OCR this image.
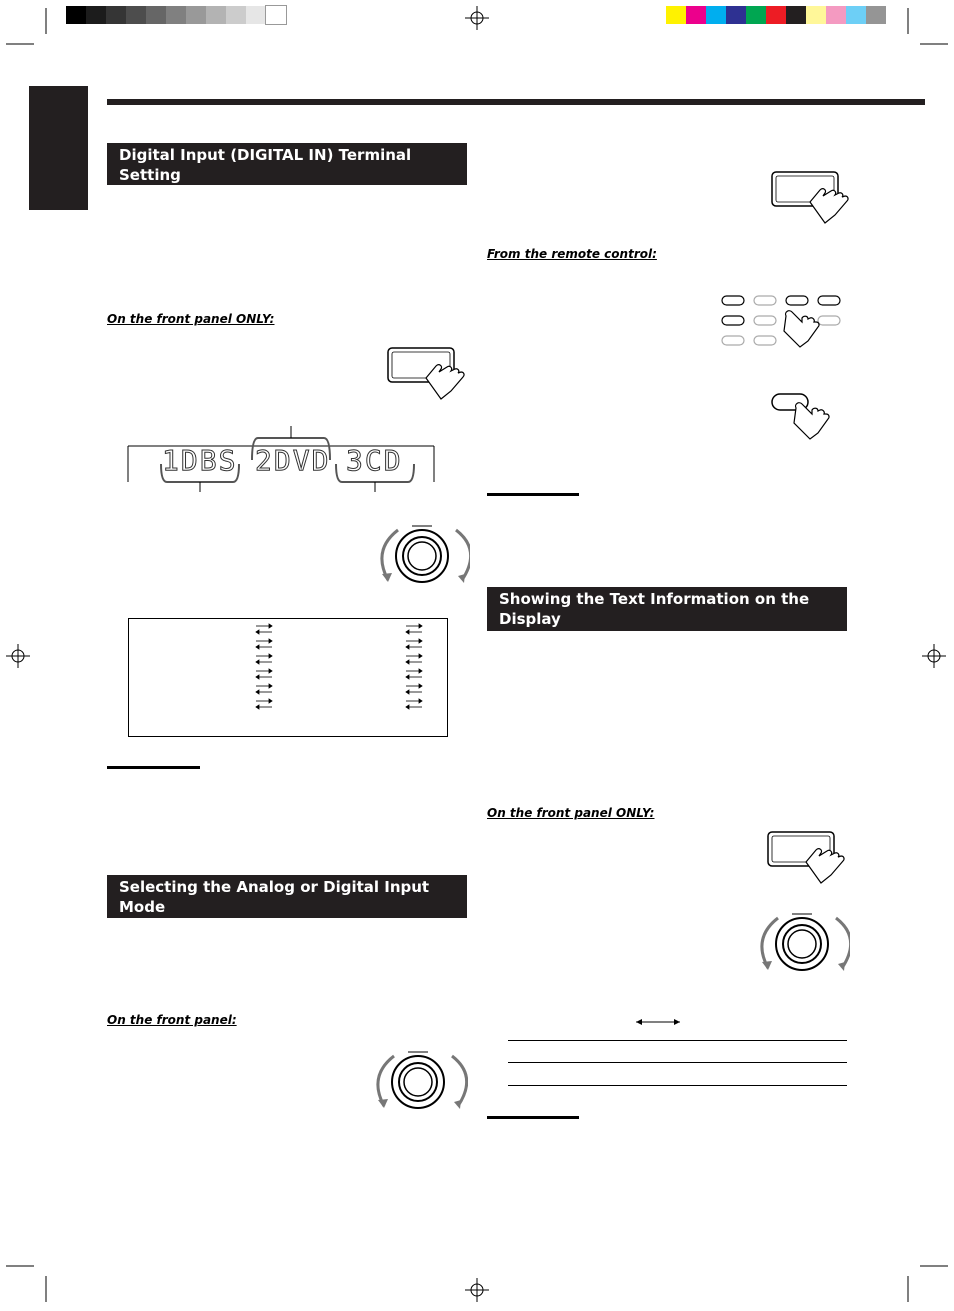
Digital Input (DIGITAL IN) Terminal Setting
On the front panel ONLY:
1DBS 2DVD 3CD
Selecting the Analog or Digital Input Mode
On the front panel:
From the remote control:
Showing the Text Information on the Display
On the front panel ONLY:
